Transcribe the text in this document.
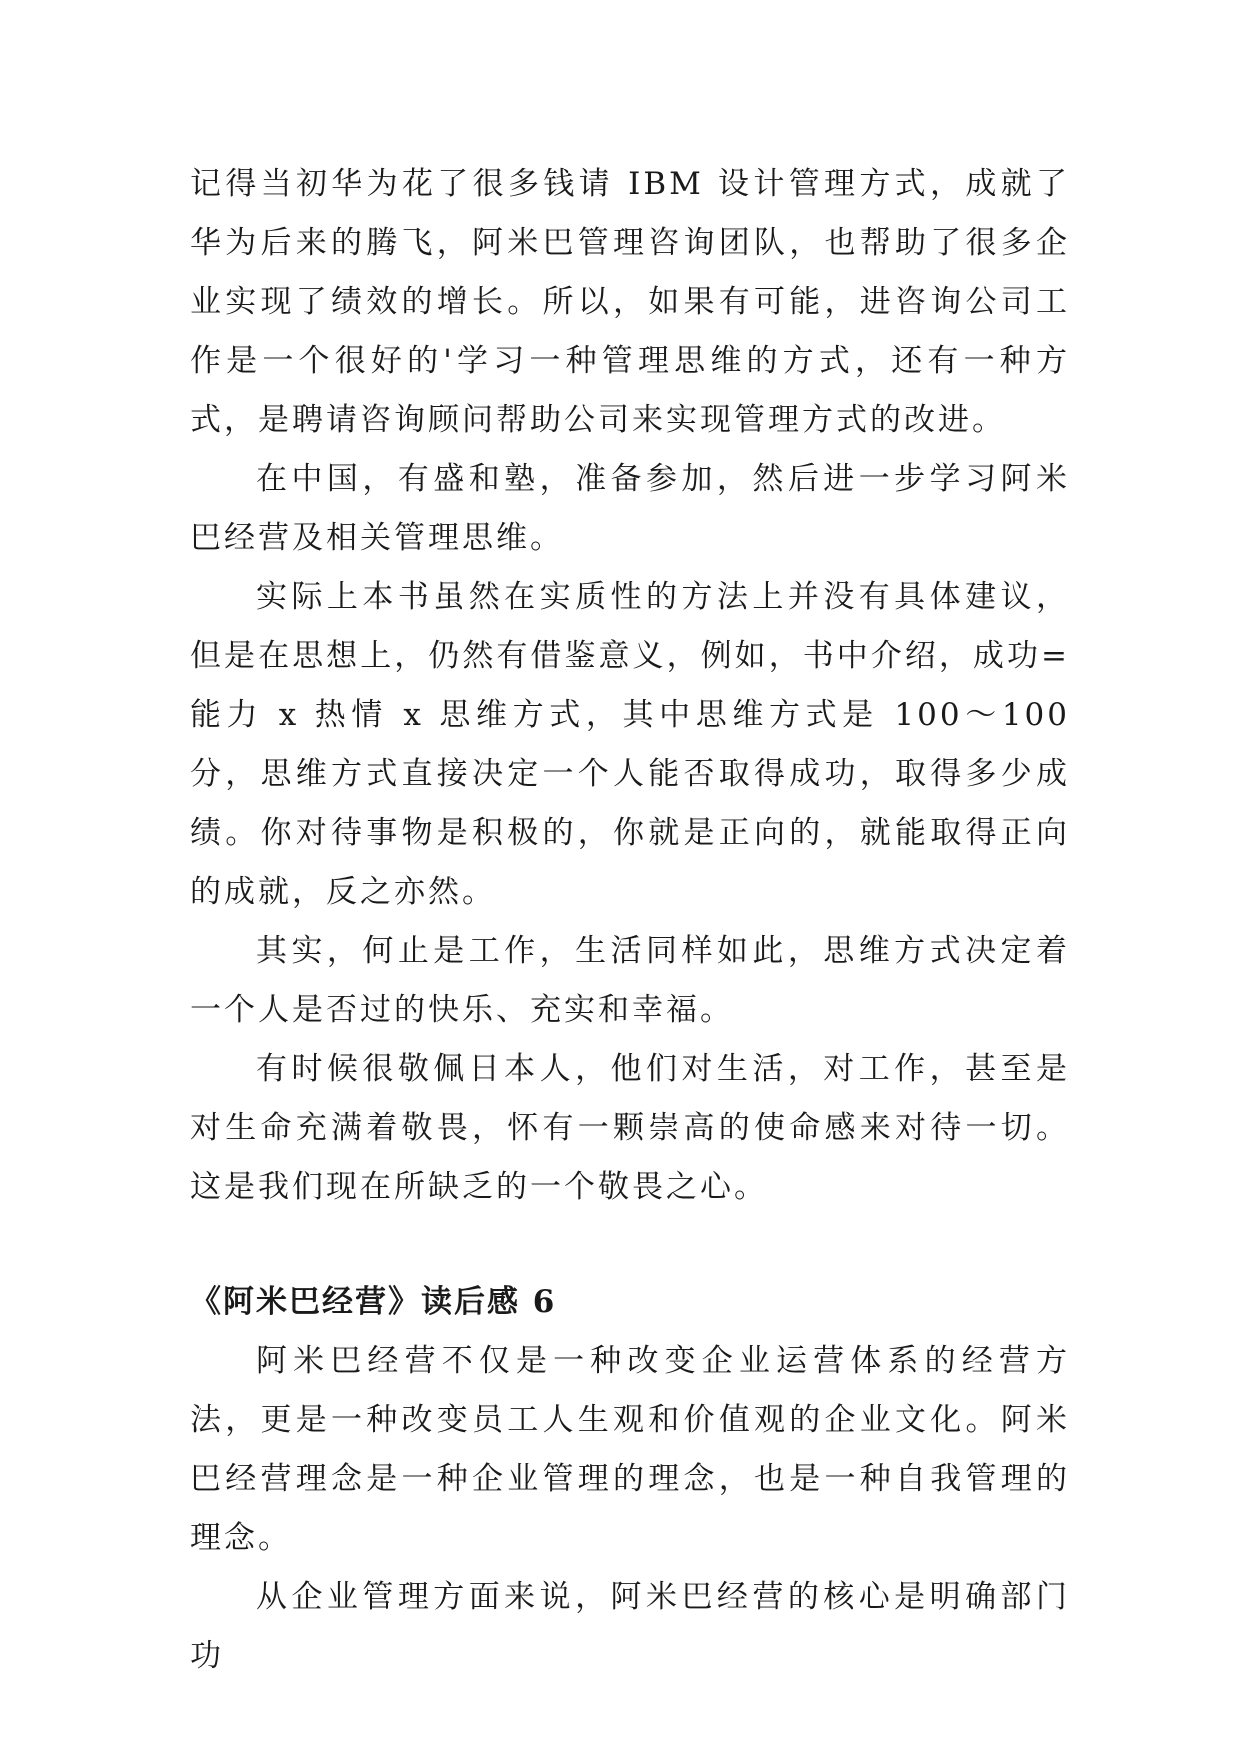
记得当初华为花了很多钱请 IBM 设计管理方式，成就了华为后来的腾飞，阿米巴管理咨询团队，也帮助了很多企业实现了绩效的增长。所以，如果有可能，进咨询公司工作是一个很好的'学习一种管理思维的方式，还有一种方式，是聘请咨询顾问帮助公司来实现管理方式的改进。

在中国，有盛和塾，准备参加，然后进一步学习阿米巴经营及相关管理思维。

实际上本书虽然在实质性的方法上并没有具体建议，但是在思想上，仍然有借鉴意义，例如，书中介绍，成功=能力 x 热情 x 思维方式，其中思维方式是 100～100 分，思维方式直接决定一个人能否取得成功，取得多少成绩。你对待事物是积极的，你就是正向的，就能取得正向的成就，反之亦然。

其实，何止是工作，生活同样如此，思维方式决定着一个人是否过的快乐、充实和幸福。

有时候很敬佩日本人，他们对生活，对工作，甚至是对生命充满着敬畏，怀有一颗崇高的使命感来对待一切。这是我们现在所缺乏的一个敬畏之心。

《阿米巴经营》读后感 6

阿米巴经营不仅是一种改变企业运营体系的经营方法，更是一种改变员工人生观和价值观的企业文化。阿米巴经营理念是一种企业管理的理念，也是一种自我管理的理念。

从企业管理方面来说，阿米巴经营的核心是明确部门功
